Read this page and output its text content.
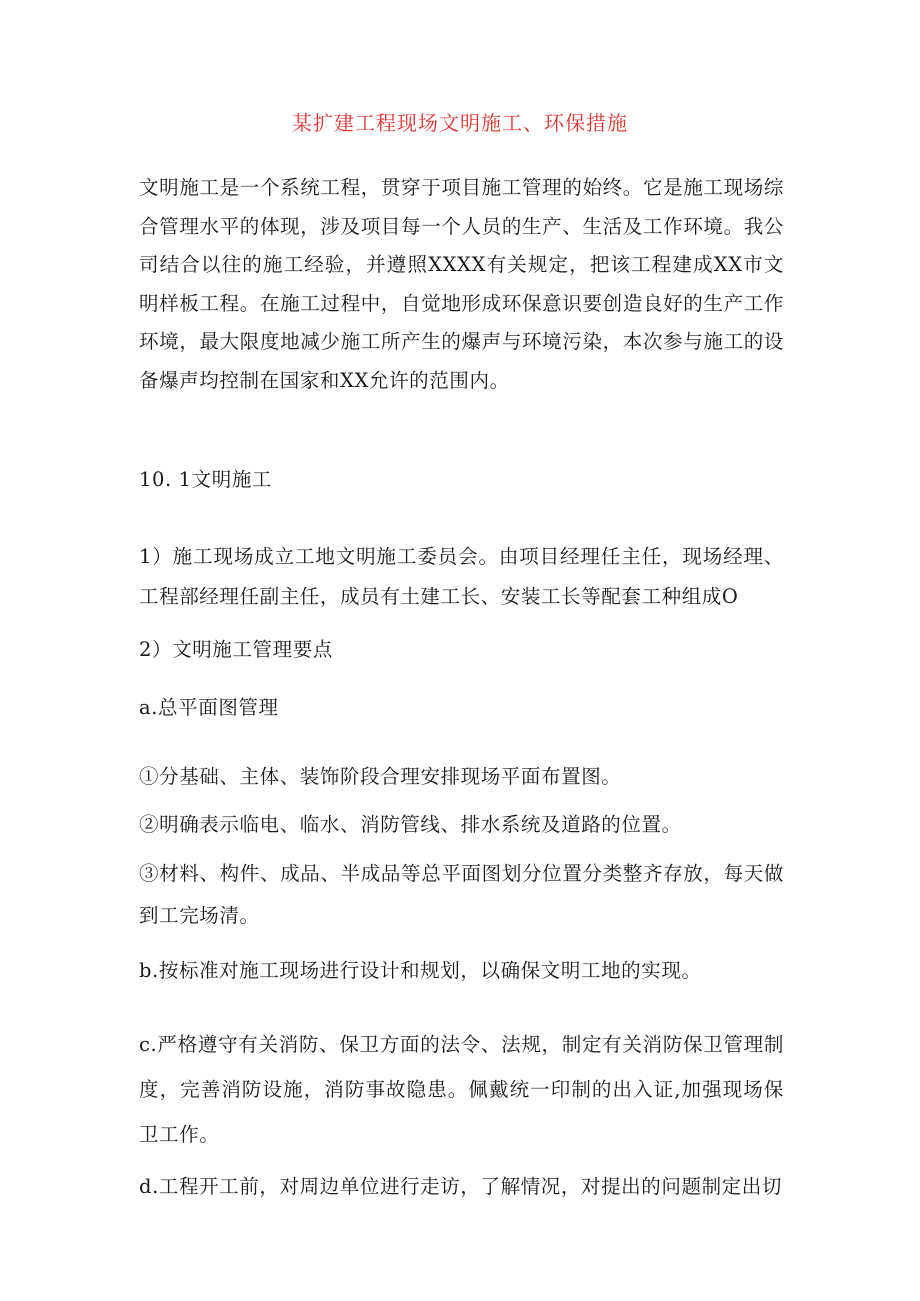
某扩建工程现场文明施工、环保措施

文明施工是一个系统工程，贯穿于项目施工管理的始终。它是施工现场综合管理水平的体现，涉及项目每一个人员的生产、生活及工作环境。我公司结合以往的施工经验，并遵照XXXX有关规定，把该工程建成XX市文明样板工程。在施工过程中，自觉地形成环保意识要创造良好的生产工作环境，最大限度地减少施工所产生的爆声与环境污染，本次参与施工的设备爆声均控制在国家和XX允许的范围内。

10. 1文明施工

1）施工现场成立工地文明施工委员会。由项目经理任主任，现场经理、工程部经理任副主任，成员有土建工长、安装工长等配套工种组成O

2）文明施工管理要点

a.总平面图管理

①分基础、主体、装饰阶段合理安排现场平面布置图。

②明确表示临电、临水、消防管线、排水系统及道路的位置。

③材料、构件、成品、半成品等总平面图划分位置分类整齐存放，每天做到工完场清。

b.按标准对施工现场进行设计和规划，以确保文明工地的实现。

c.严格遵守有关消防、保卫方面的法令、法规，制定有关消防保卫管理制度，完善消防设施，消防事故隐患。佩戴统一印制的出入证,加强现场保卫工作。

d.工程开工前，对周边单位进行走访，了解情况，对提出的问题制定出切
